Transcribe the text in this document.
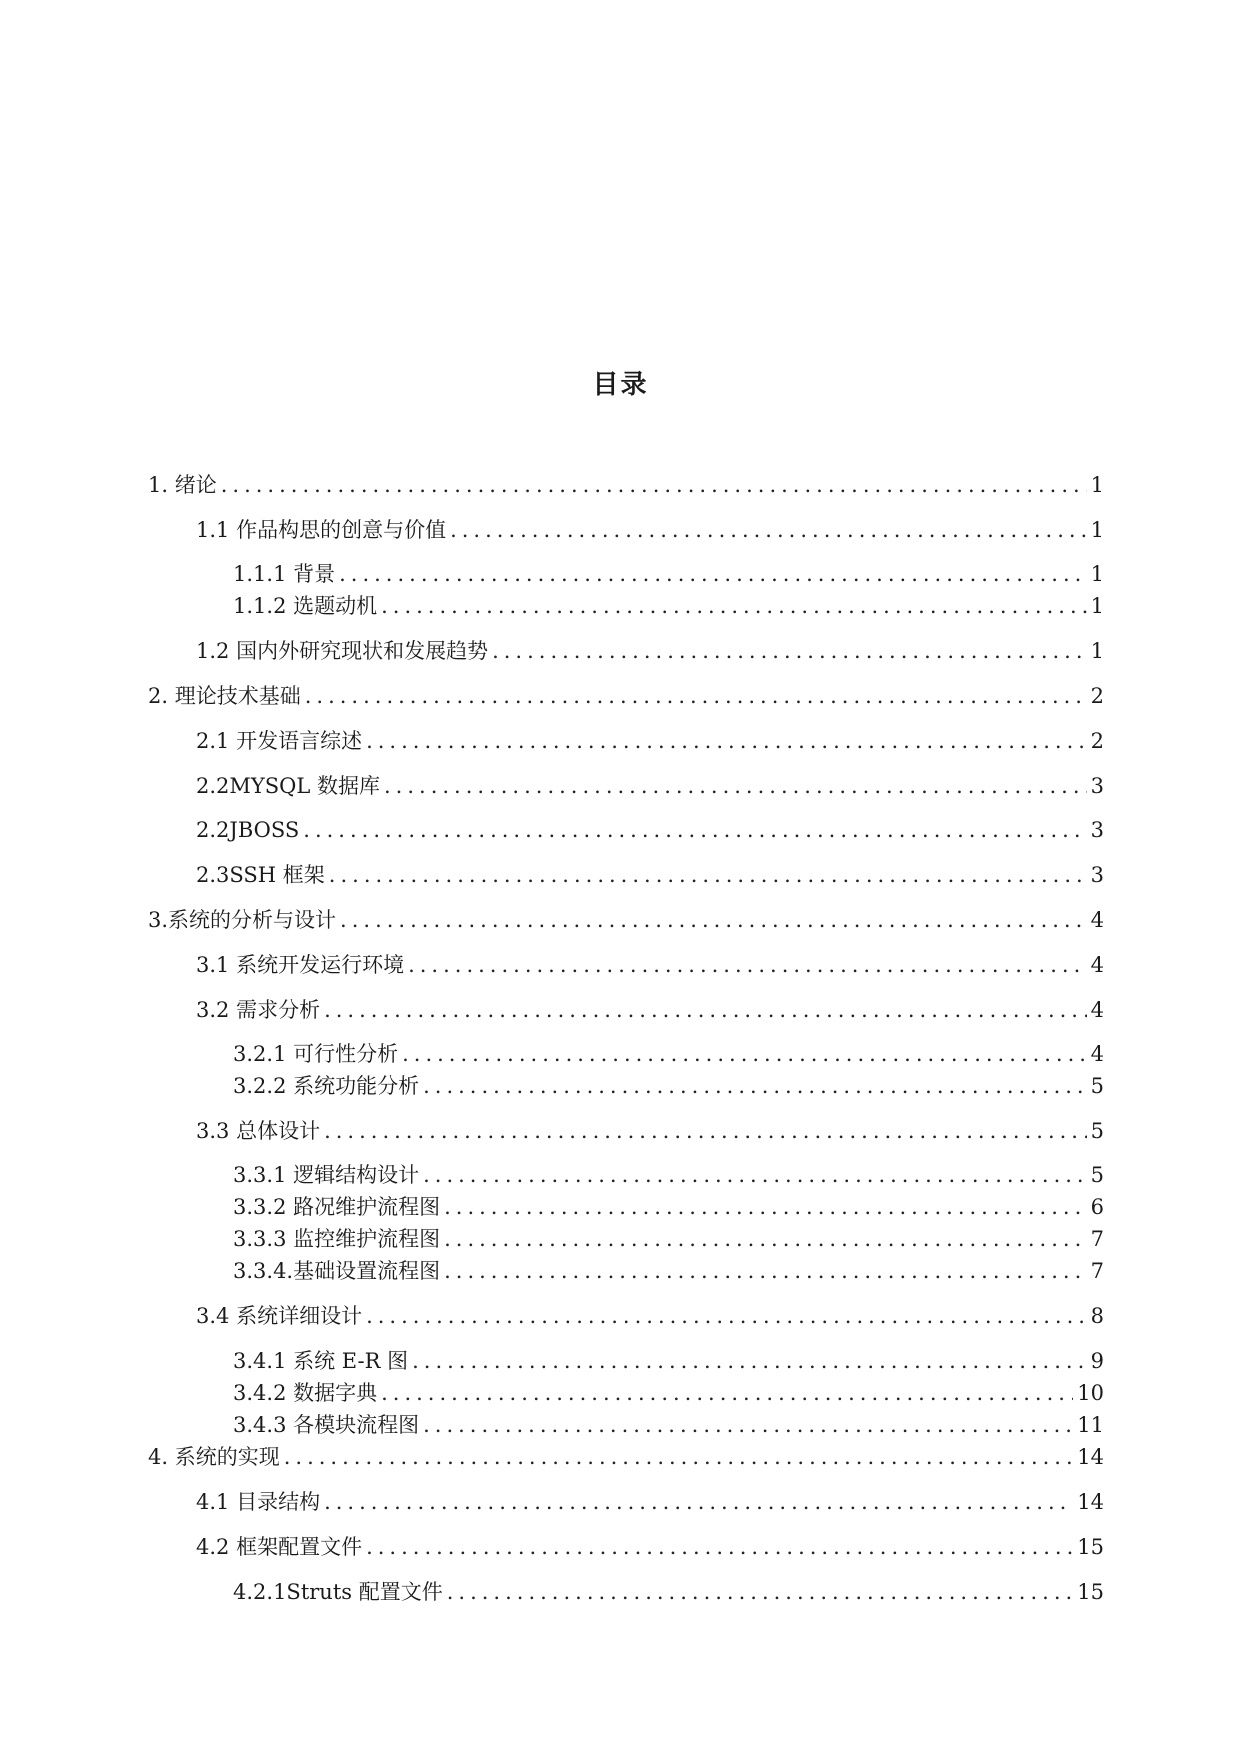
目录
1. 绪论 .....	1
1.1 作品构思的创意与价值 .....	1
1.1.1 背景 .....	1
1.1.2 选题动机 .....	1
1.2 国内外研究现状和发展趋势 .....	1
2. 理论技术基础 .....	2
2.1 开发语言综述 .....	2
2.2MYSQL 数据库 .....	3
2.2JBOSS .....	3
2.3SSH 框架 .....	3
3.系统的分析与设计 .....	4
3.1 系统开发运行环境 .....	4
3.2 需求分析 .....	4
3.2.1 可行性分析 .....	4
3.2.2 系统功能分析 .....	5
3.3 总体设计 .....	5
3.3.1 逻辑结构设计 .....	5
3.3.2 路况维护流程图 .....	6
3.3.3 监控维护流程图 .....	7
3.3.4.基础设置流程图 .....	7
3.4 系统详细设计 .....	8
3.4.1 系统 E-R 图 .....	9
3.4.2 数据字典 .....	10
3.4.3 各模块流程图 .....	11
4. 系统的实现 .....	14
4.1 目录结构 .....	14
4.2 框架配置文件 .....	15
4.2.1Struts 配置文件 .....	15
